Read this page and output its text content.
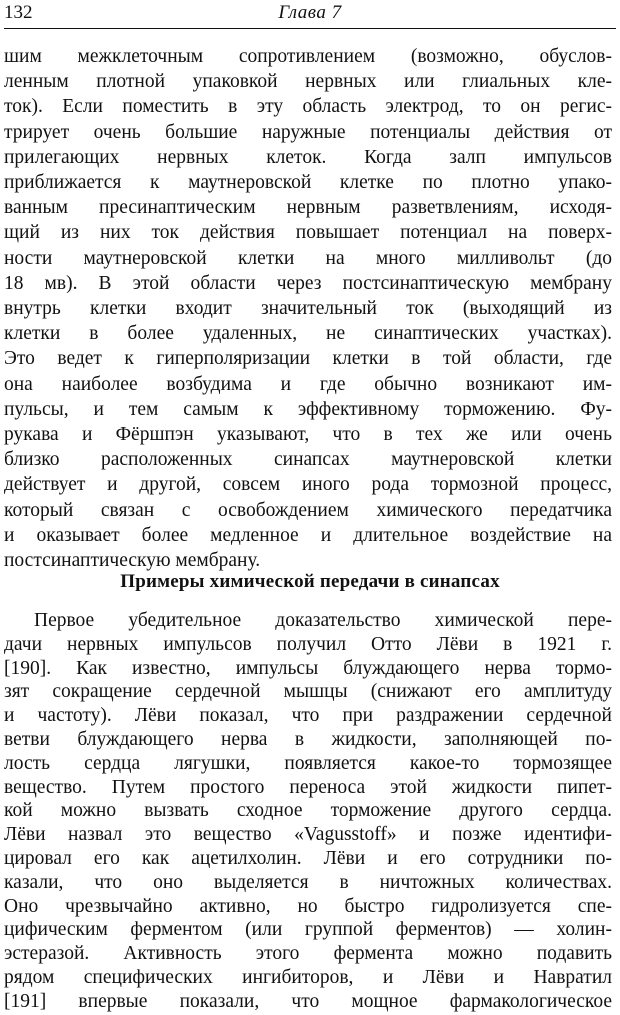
132	Глава 7
шим межклеточным сопротивлением (возможно, обуслов-
ленным плотной упаковкой нервных или глиальных кле-
ток). Если поместить в эту область электрод, то он регис-
трирует очень большие наружные потенциалы действия от
прилегающих нервных клеток. Когда залп импульсов
приближается к маутнеровской клетке по плотно упако-
ванным пресинаптическим нервным разветвлениям, исходя-
щий из них ток действия повышает потенциал на поверх-
ности маутнеровской клетки на много милливольт (до
18 мв). В этой области через постсинаптическую мембрану
внутрь клетки входит значительный ток (выходящий из
клетки в более удаленных, не синаптических участках).
Это ведет к гиперполяризации клетки в той области, где
она наиболее возбудима и где обычно возникают им-
пульсы, и тем самым к эффективному торможению. Фу-
рукава и Фёршпэн указывают, что в тех же или очень
близко расположенных синапсах маутнеровской клетки
действует и другой, совсем иного рода тормозной процесс,
который связан с освобождением химического передатчика
и оказывает более медленное и длительное воздействие на
постсинаптическую мембрану.
Примеры химической передачи в синапсах
Первое убедительное доказательство химической пере-
дачи нервных импульсов получил Отто Лёви в 1921 г.
[190]. Как известно, импульсы блуждающего нерва тормо-
зят сокращение сердечной мышцы (снижают его амплитуду
и частоту). Лёви показал, что при раздражении сердечной
ветви блуждающего нерва в жидкости, заполняющей по-
лость сердца лягушки, появляется какое-то тормозящее
вещество. Путем простого переноса этой жидкости пипет-
кой можно вызвать сходное торможение другого сердца.
Лёви назвал это вещество «Vagusstoff» и позже идентифи-
цировал его как ацетилхолин. Лёви и его сотрудники по-
казали, что оно выделяется в ничтожных количествах.
Оно чрезвычайно активно, но быстро гидролизуется спе-
цифическим ферментом (или группой ферментов) — холин-
эстеразой. Активность этого фермента можно подавить
рядом специфических ингибиторов, и Лёви и Навратил
[191] впервые показали, что мощное фармакологическое
